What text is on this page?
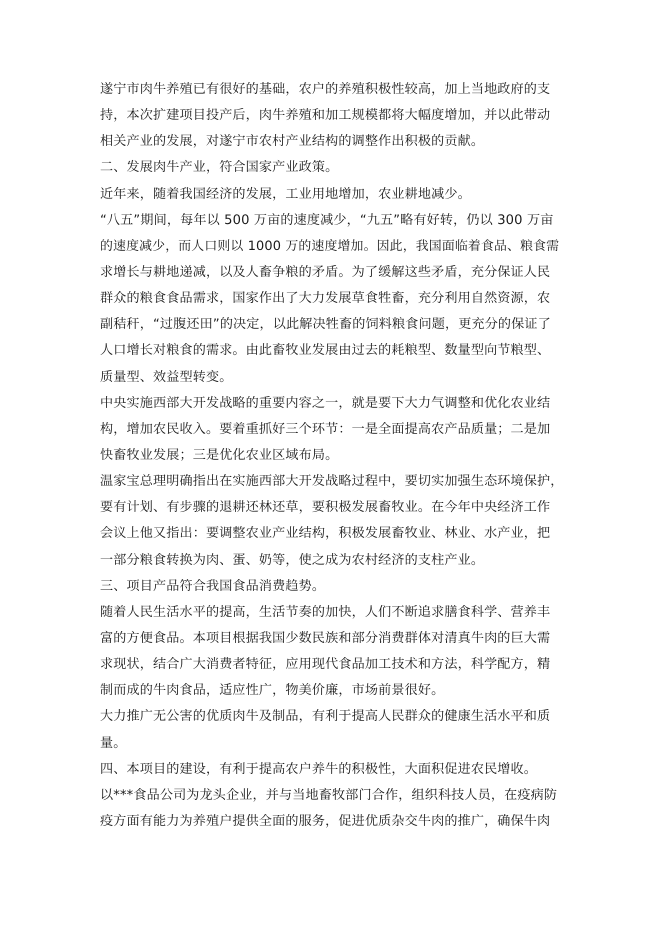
遂宁市肉牛养殖已有很好的基础，农户的养殖积极性较高，加上当地政府的支
持，本次扩建项目投产后，肉牛养殖和加工规模都将大幅度增加，并以此带动
相关产业的发展，对遂宁市农村产业结构的调整作出积极的贡献。
二、发展肉牛产业，符合国家产业政策。
近年来，随着我国经济的发展，工业用地增加，农业耕地减少。
“八五”期间，每年以 500 万亩的速度减少，“九五”略有好转，仍以 300 万亩
的速度减少，而人口则以 1000 万的速度增加。因此，我国面临着食品、粮食需
求增长与耕地递减，以及人畜争粮的矛盾。为了缓解这些矛盾，充分保证人民
群众的粮食食品需求，国家作出了大力发展草食牲畜，充分利用自然资源，农
副秸秆，“过腹还田”的决定，以此解决牲畜的饲料粮食问题，更充分的保证了
人口增长对粮食的需求。由此畜牧业发展由过去的耗粮型、数量型向节粮型、
质量型、效益型转变。
中央实施西部大开发战略的重要内容之一，就是要下大力气调整和优化农业结
构，增加农民收入。要着重抓好三个环节：一是全面提高农产品质量；二是加
快畜牧业发展；三是优化农业区域布局。
温家宝总理明确指出在实施西部大开发战略过程中，要切实加强生态环境保护，
要有计划、有步骤的退耕还林还草，要积极发展畜牧业。在今年中央经济工作
会议上他又指出：要调整农业产业结构，积极发展畜牧业、林业、水产业，把
一部分粮食转换为肉、蛋、奶等，使之成为农村经济的支柱产业。
三、项目产品符合我国食品消费趋势。
随着人民生活水平的提高，生活节奏的加快，人们不断追求膳食科学、营养丰
富的方便食品。本项目根据我国少数民族和部分消费群体对清真牛肉的巨大需
求现状，结合广大消费者特征，应用现代食品加工技术和方法，科学配方，精
制而成的牛肉食品，适应性广，物美价廉，市场前景很好。
大力推广无公害的优质肉牛及制品，有利于提高人民群众的健康生活水平和质
量。
四、本项目的建设，有利于提高农户养牛的积极性，大面积促进农民增收。
以***食品公司为龙头企业，并与当地畜牧部门合作，组织科技人员，在疫病防
疫方面有能力为养殖户提供全面的服务，促进优质杂交牛肉的推广，确保牛肉
